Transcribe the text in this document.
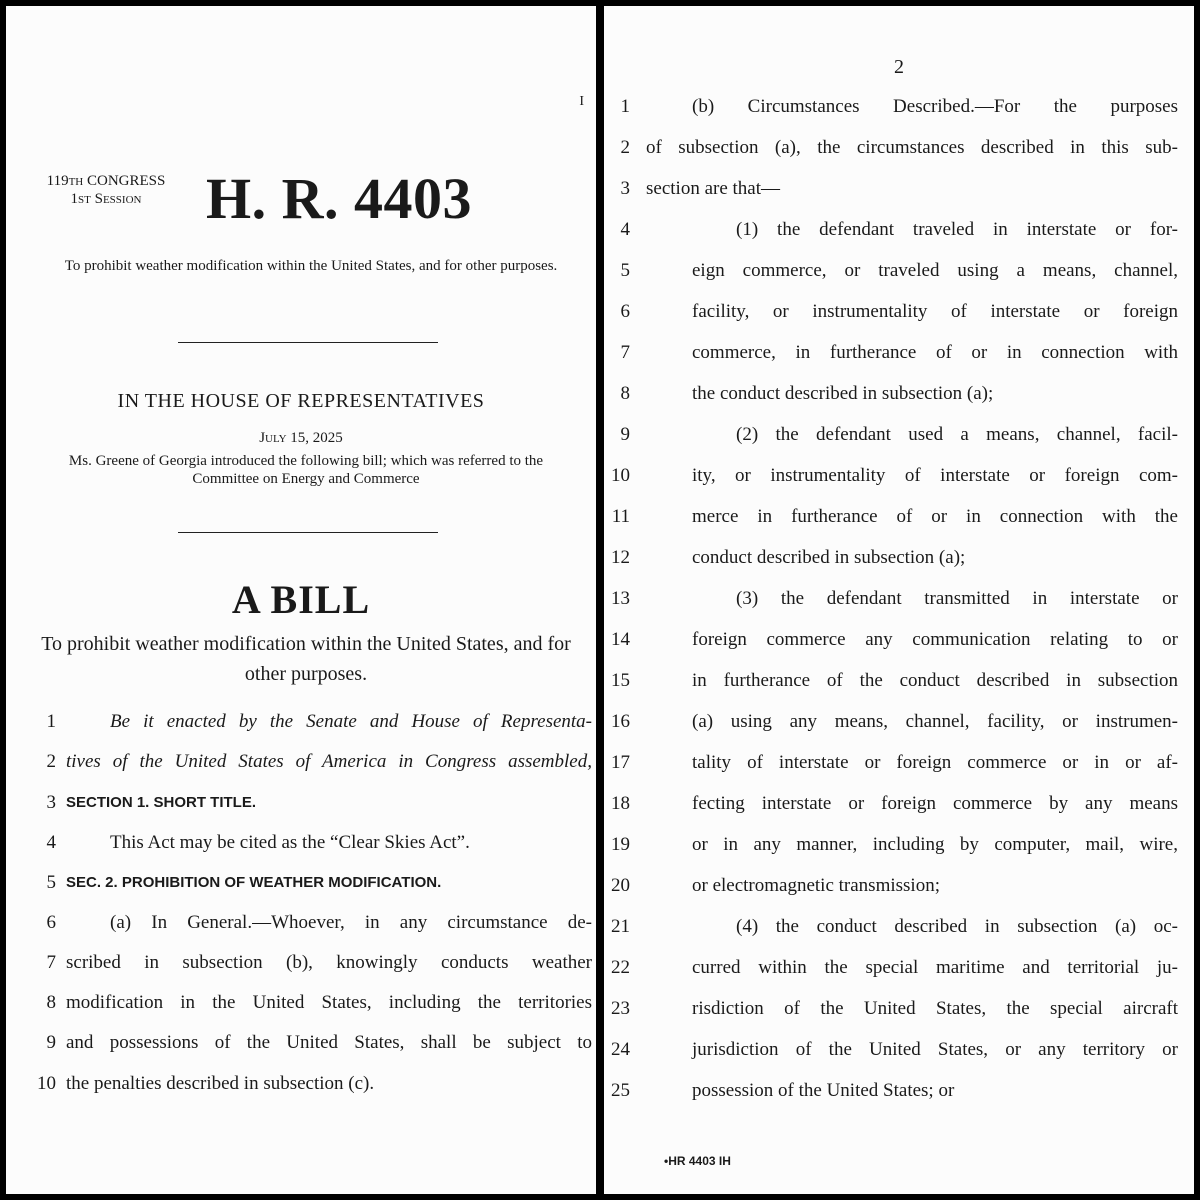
I
119th CONGRESS
1st Session	H. R. 4403
To prohibit weather modification within the United States, and for other purposes.
IN THE HOUSE OF REPRESENTATIVES
July 15, 2025
Ms. Greene of Georgia introduced the following bill; which was referred to the Committee on Energy and Commerce
A BILL
To prohibit weather modification within the United States, and for other purposes.
1	Be it enacted by the Senate and House of Representa-
2 tives of the United States of America in Congress assembled,
3 SECTION 1. SHORT TITLE.
4	This Act may be cited as the “Clear Skies Act”.
5 SEC. 2. PROHIBITION OF WEATHER MODIFICATION.
6	(a) In General.—Whoever, in any circumstance de-
7 scribed in subsection (b), knowingly conducts weather
8 modification in the United States, including the territories
9 and possessions of the United States, shall be subject to
10 the penalties described in subsection (c).
2
1	(b) Circumstances Described.—For the purposes
2 of subsection (a), the circumstances described in this sub-
3 section are that—
4	(1) the defendant traveled in interstate or for-
5	eign commerce, or traveled using a means, channel,
6	facility, or instrumentality of interstate or foreign
7	commerce, in furtherance of or in connection with
8	the conduct described in subsection (a);
9	(2) the defendant used a means, channel, facil-
10	ity, or instrumentality of interstate or foreign com-
11	merce in furtherance of or in connection with the
12	conduct described in subsection (a);
13	(3) the defendant transmitted in interstate or
14	foreign commerce any communication relating to or
15	in furtherance of the conduct described in subsection
16	(a) using any means, channel, facility, or instrumen-
17	tality of interstate or foreign commerce or in or af-
18	fecting interstate or foreign commerce by any means
19	or in any manner, including by computer, mail, wire,
20	or electromagnetic transmission;
21	(4) the conduct described in subsection (a) oc-
22	curred within the special maritime and territorial ju-
23	risdiction of the United States, the special aircraft
24	jurisdiction of the United States, or any territory or
25	possession of the United States; or
•HR 4403 IH
